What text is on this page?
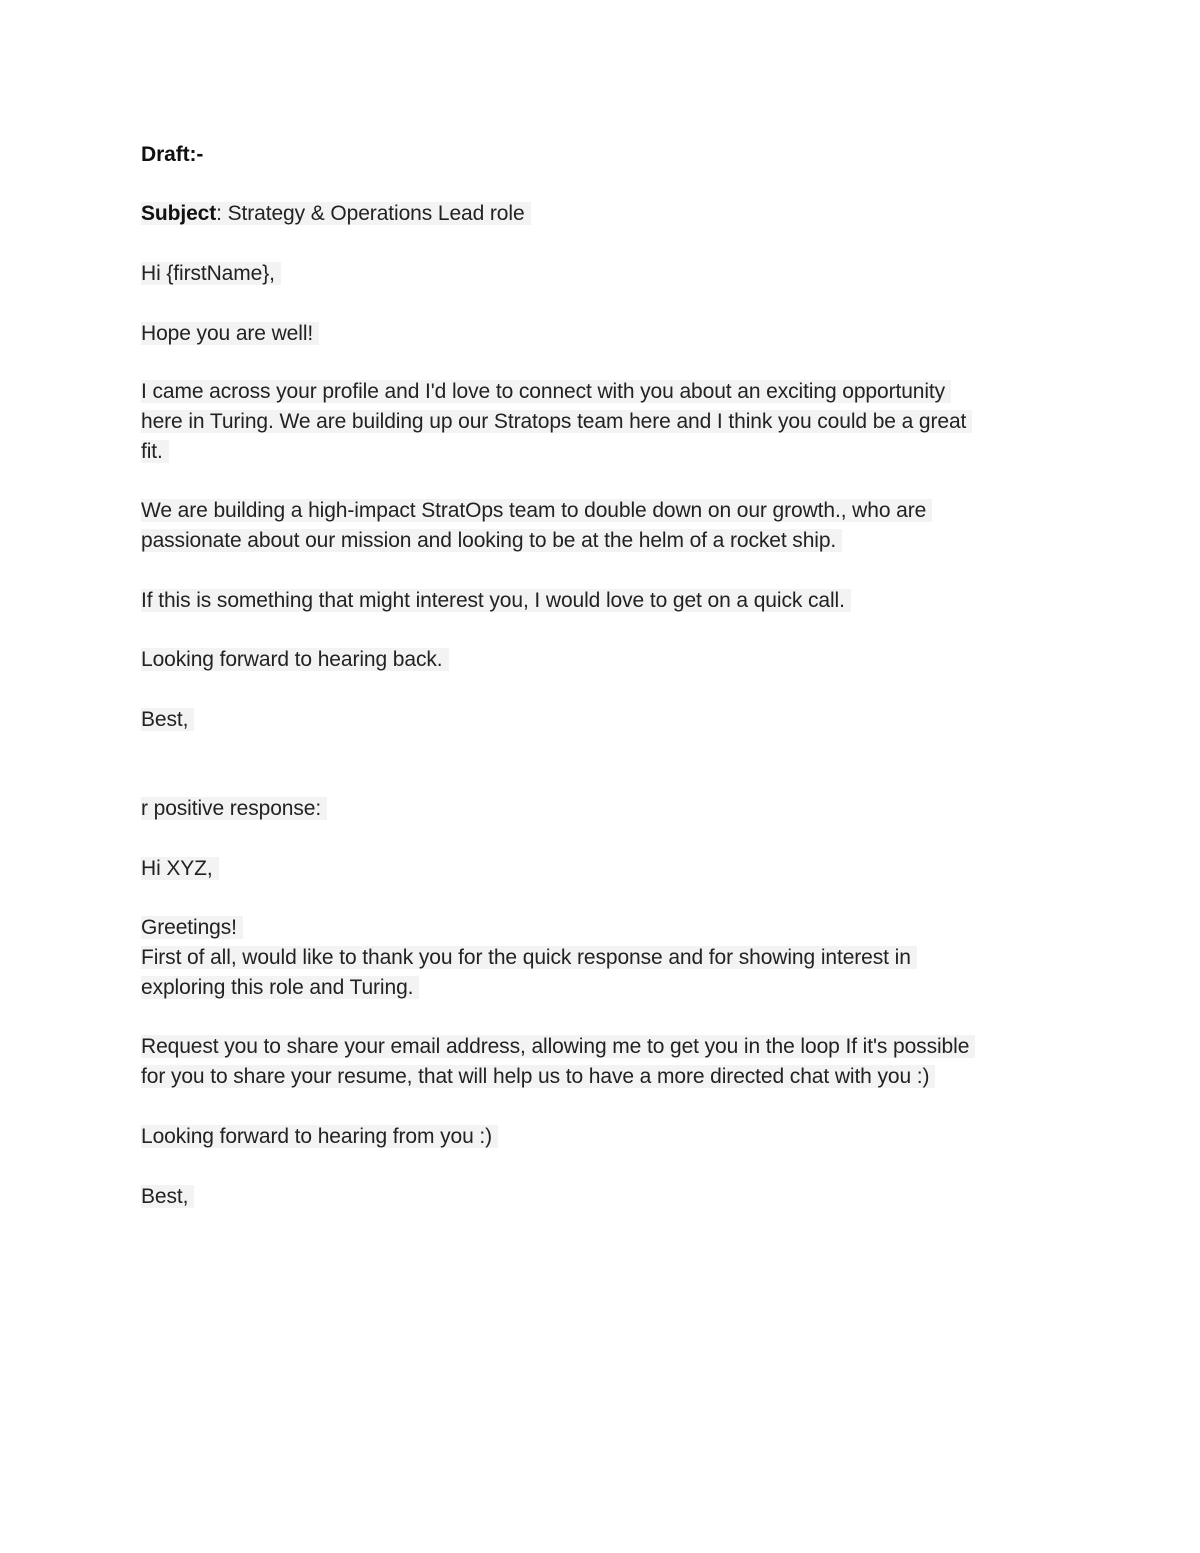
Draft:-
Subject: Strategy & Operations Lead role
Hi {firstName},
Hope you are well!
I came across your profile and I'd love to connect with you about an exciting opportunity
here in Turing. We are building up our Stratops team here and I think you could be a great
fit.
We are building a high-impact StratOps team to double down on our growth., who are
passionate about our mission and looking to be at the helm of a rocket ship.
If this is something that might interest you, I would love to get on a quick call.
Looking forward to hearing back.
Best,
r positive response:
Hi XYZ,
Greetings!
First of all, would like to thank you for the quick response and for showing interest in
exploring this role and Turing.
Request you to share your email address, allowing me to get you in the loop If it's possible
for you to share your resume, that will help us to have a more directed chat with you :)
Looking forward to hearing from you :)
Best,
